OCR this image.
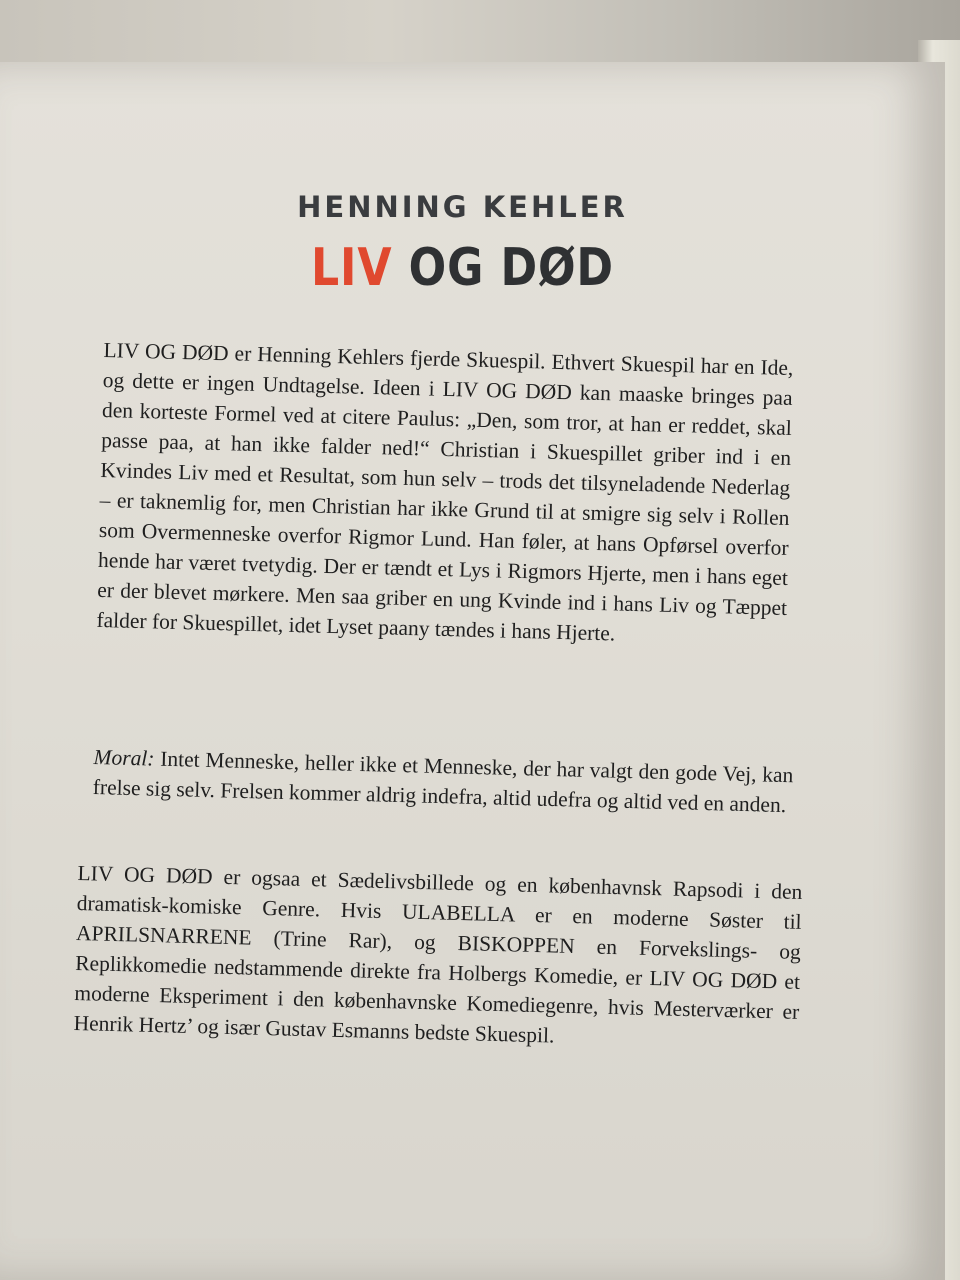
HENNING KEHLER
LIV OG DØD

LIV OG DØD er Henning Kehlers fjerde Skuespil. Ethvert Skuespil har en Ide, og dette er ingen Undtagelse. Ideen i LIV OG DØD kan maaske bringes paa den korteste Formel ved at citere Paulus: „Den, som tror, at han er reddet, skal passe paa, at han ikke falder ned!“ Christian i Skuespillet griber ind i en Kvindes Liv med et Resultat, som hun selv – trods det tilsyneladende Nederlag – er taknemlig for, men Christian har ikke Grund til at smigre sig selv i Rollen som Overmenneske overfor Rigmor Lund. Han føler, at hans Opførsel overfor hende har været tvetydig. Der er tændt et Lys i Rigmors Hjerte, men i hans eget er der blevet mørkere. Men saa griber en ung Kvinde ind i hans Liv og Tæppet falder for Skuespillet, idet Lyset paany tændes i hans Hjerte.

Moral: Intet Menneske, heller ikke et Menneske, der har valgt den gode Vej, kan frelse sig selv. Frelsen kommer aldrig indefra, altid udefra og altid ved en anden.

LIV OG DØD er ogsaa et Sædelivsbillede og en københavnsk Rapsodi i den dramatisk-komiske Genre. Hvis ULABELLA er en moderne Søster til APRILSNARRENE (Trine Rar), og BISKOPPEN en Forvekslings- og Replikkomedie nedstammende direkte fra Holbergs Komedie, er LIV OG DØD et moderne Eksperiment i den københavnske Komediegenre, hvis Mesterværker er Henrik Hertz’ og især Gustav Esmanns bedste Skuespil.
